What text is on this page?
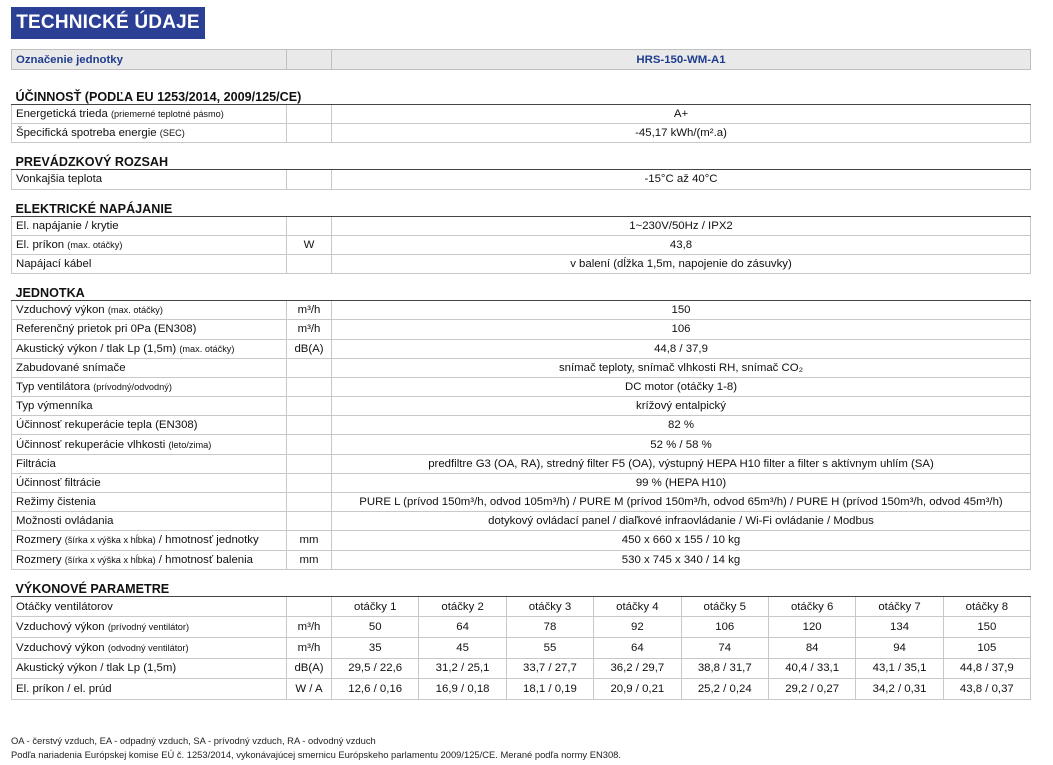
TECHNICKÉ ÚDAJE
Označenie jednotky		HRS-150-WM-A1
ÚČINNOSŤ (PODĽA EU 1253/2014, 2009/125/CE)		
Energetická trieda (priemerné teplotné pásmo)		A+
Špecifická spotreba energie (SEC)		-45,17 kWh/(m².a)
PREVÁDZKOVÝ ROZSAH		
Vonkajšia teplota		-15°C až 40°C
ELEKTRICKÉ NAPÁJANIE		
El. napájanie / krytie		1~230V/50Hz / IPX2
El. príkon (max. otáčky)	W	43,8
Napájací kábel		v balení (dĺžka 1,5m, napojenie do zásuvky)
JEDNOTKA		
Vzduchový výkon (max. otáčky)	m³/h	150
Referenčný prietok pri 0Pa (EN308)	m³/h	106
Akustický výkon / tlak Lp (1,5m) (max. otáčky)	dB(A)	44,8 / 37,9
Zabudované snímače		snímač teploty, snímač vlhkosti RH, snímač CO₂
Typ ventilátora (prívodný/odvodný)		DC motor (otáčky 1-8)
Typ výmenníka		krížový entalpický
Účinnosť rekuperácie tepla (EN308)		82 %
Účinnosť rekuperácie vlhkosti (leto/zima)		52 % / 58 %
Filtrácia		predfiltre G3 (OA, RA), stredný filter F5 (OA), výstupný HEPA H10 filter a filter s aktívnym uhlím (SA)
Účinnosť filtrácie		99 % (HEPA H10)
Režimy čistenia		PURE L (prívod 150m³/h, odvod 105m³/h) / PURE M (prívod 150m³/h, odvod 65m³/h) / PURE H (prívod 150m³/h, odvod 45m³/h)
Možnosti ovládania		dotykový ovládací panel / diaľkové infraovládanie / Wi-Fi ovládanie / Modbus
Rozmery (šírka x výška x hĺbka) / hmotnosť jednotky	mm	450 x 660 x 155 / 10 kg
Rozmery (šírka x výška x hĺbka) / hmotnosť balenia	mm	530 x 745 x 340 / 14 kg
VÝKONOVÉ PARAMETRE									
Otáčky ventilátorov		otáčky 1	otáčky 2	otáčky 3	otáčky 4	otáčky 5	otáčky 6	otáčky 7	otáčky 8
Vzduchový výkon (prívodný ventilátor)	m³/h	50	64	78	92	106	120	134	150
Vzduchový výkon (odvodný ventilátor)	m³/h	35	45	55	64	74	84	94	105
Akustický výkon / tlak Lp (1,5m)	dB(A)	29,5 / 22,6	31,2 / 25,1	33,7 / 27,7	36,2 / 29,7	38,8 / 31,7	40,4 / 33,1	43,1 / 35,1	44,8 / 37,9
El. príkon / el. prúd	W / A	12,6 / 0,16	16,9 / 0,18	18,1 / 0,19	20,9 / 0,21	25,2 / 0,24	29,2 / 0,27	34,2 / 0,31	43,8 / 0,37
OA - čerstvý vzduch, EA - odpadný vzduch, SA - prívodný vzduch, RA - odvodný vzduch
Podľa nariadenia Európskej komise EÚ č. 1253/2014, vykonávajúcej smernicu Európskeho parlamentu 2009/125/CE. Merané podľa normy EN308.
